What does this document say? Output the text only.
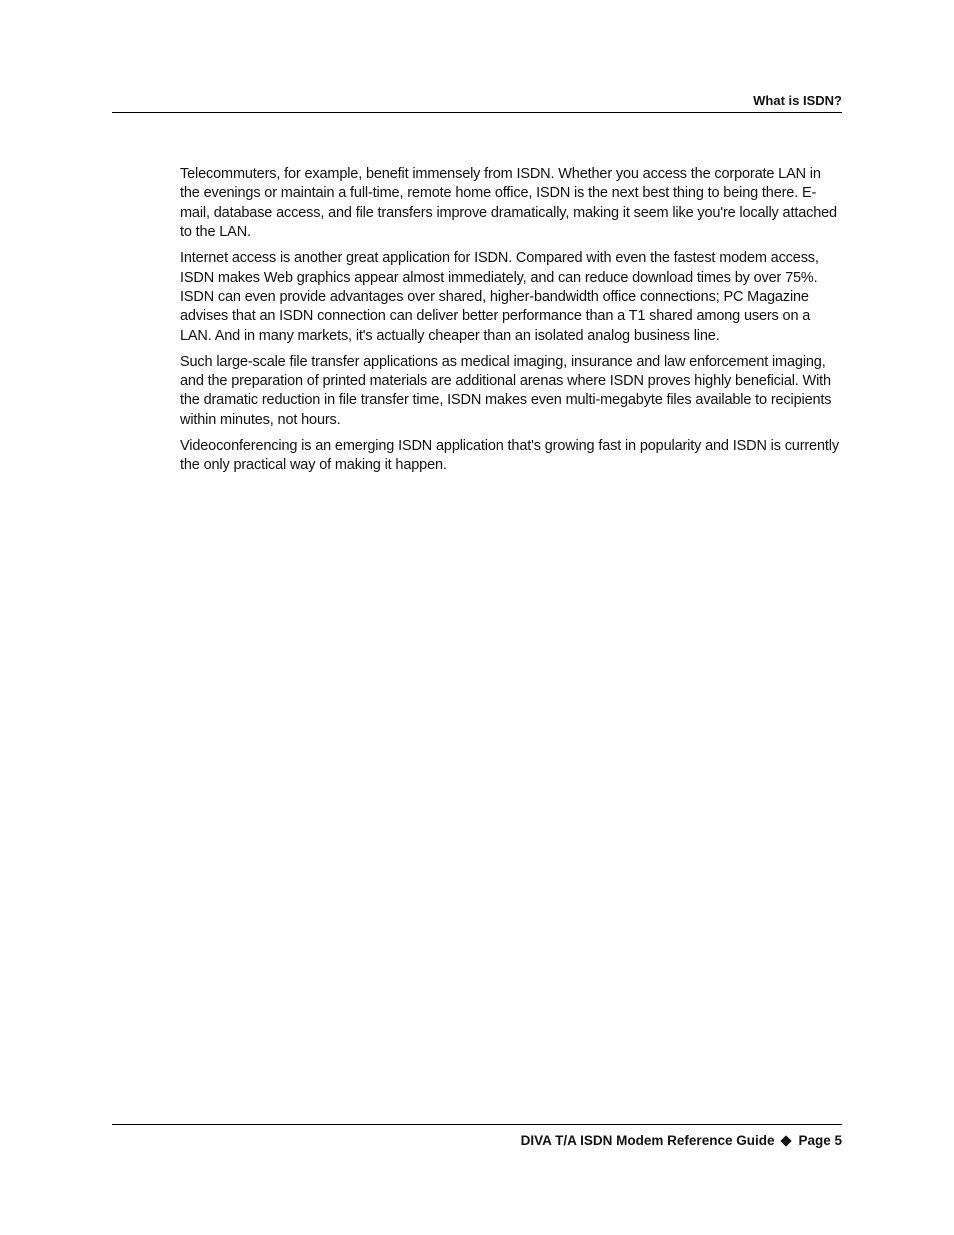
What is ISDN?

Telecommuters, for example, benefit immensely from ISDN. Whether you access the corporate LAN in the evenings or maintain a full-time, remote home office, ISDN is the next best thing to being there. E-mail, database access, and file transfers improve dramatically, making it seem like you're locally attached to the LAN.

Internet access is another great application for ISDN. Compared with even the fastest modem access, ISDN makes Web graphics appear almost immediately, and can reduce download times by over 75%. ISDN can even provide advantages over shared, higher-bandwidth office connections; PC Magazine advises that an ISDN connection can deliver better performance than a T1 shared among users on a LAN. And in many markets, it's actually cheaper than an isolated analog business line.

Such large-scale file transfer applications as medical imaging, insurance and law enforcement imaging, and the preparation of printed materials are additional arenas where ISDN proves highly beneficial. With the dramatic reduction in file transfer time, ISDN makes even multi-megabyte files available to recipients within minutes, not hours.

Videoconferencing is an emerging ISDN application that's growing fast in popularity and ISDN is currently the only practical way of making it happen.

DIVA T/A ISDN Modem Reference Guide Page 5
